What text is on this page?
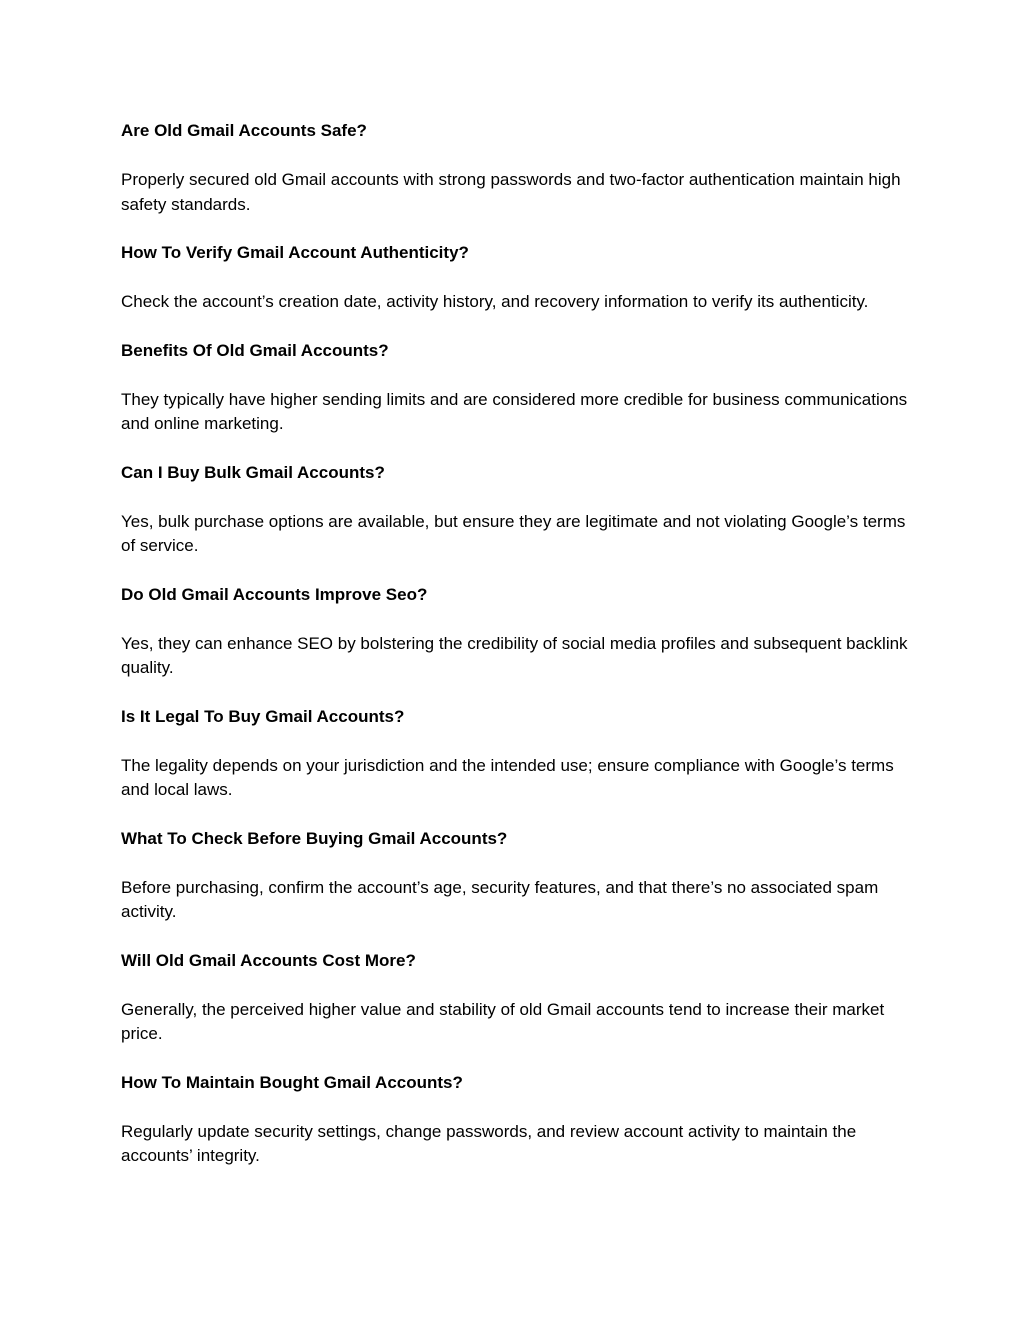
Are Old Gmail Accounts Safe?

Properly secured old Gmail accounts with strong passwords and two-factor authentication maintain high safety standards.

How To Verify Gmail Account Authenticity?

Check the account’s creation date, activity history, and recovery information to verify its authenticity.

Benefits Of Old Gmail Accounts?

They typically have higher sending limits and are considered more credible for business communications and online marketing.

Can I Buy Bulk Gmail Accounts?

Yes, bulk purchase options are available, but ensure they are legitimate and not violating Google’s terms of service.

Do Old Gmail Accounts Improve Seo?

Yes, they can enhance SEO by bolstering the credibility of social media profiles and subsequent backlink quality.

Is It Legal To Buy Gmail Accounts?

The legality depends on your jurisdiction and the intended use; ensure compliance with Google’s terms and local laws.

What To Check Before Buying Gmail Accounts?

Before purchasing, confirm the account’s age, security features, and that there’s no associated spam activity.

Will Old Gmail Accounts Cost More?

Generally, the perceived higher value and stability of old Gmail accounts tend to increase their market price.

How To Maintain Bought Gmail Accounts?

Regularly update security settings, change passwords, and review account activity to maintain the accounts’ integrity.
